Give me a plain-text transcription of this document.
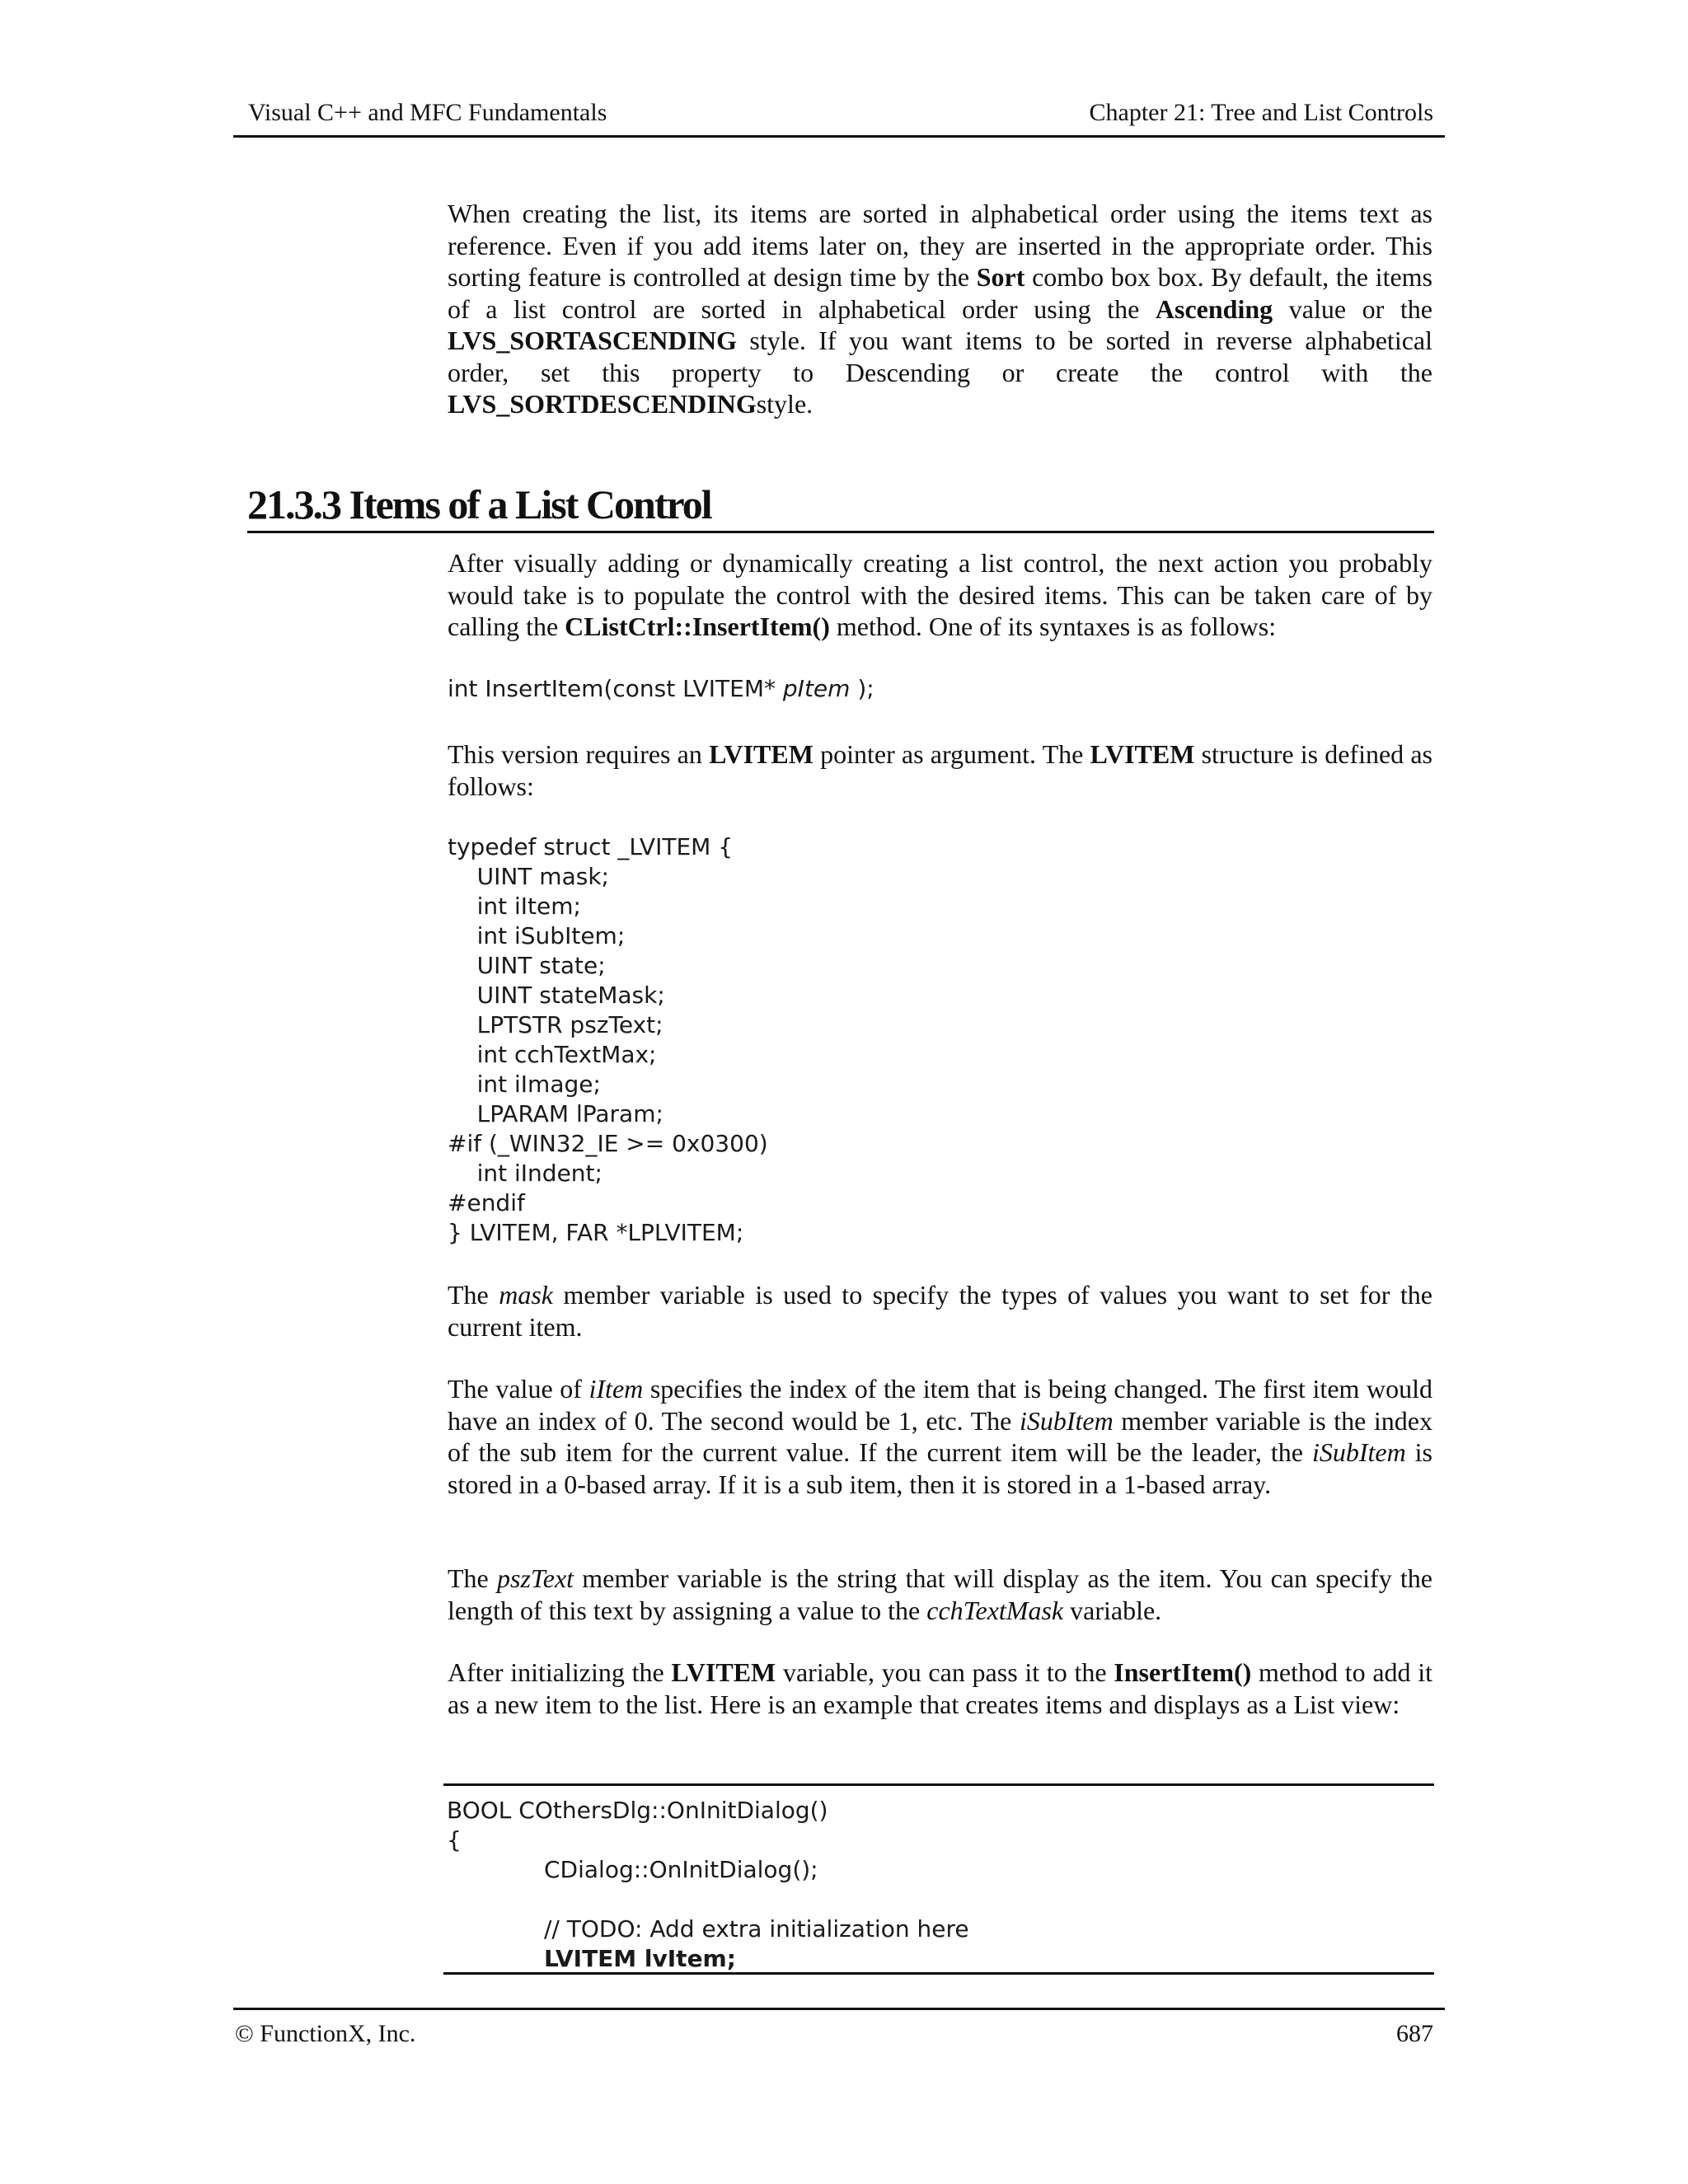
Visual C++ and MFC Fundamentals	Chapter 21: Tree and List Controls

When creating the list, its items are sorted in alphabetical order using the items text as reference. Even if you add items later on, they are inserted in the appropriate order. This sorting feature is controlled at design time by the Sort combo box box. By default, the items of a list control are sorted in alphabetical order using the Ascending value or the LVS_SORTASCENDING style. If you want items to be sorted in reverse alphabetical order, set this property to Descending or create the control with the LVS_SORTDESCENDINGstyle.

21.3.3 Items of a List Control

After visually adding or dynamically creating a list control, the next action you probably would take is to populate the control with the desired items. This can be taken care of by calling the CListCtrl::InsertItem() method. One of its syntaxes is as follows:

int InsertItem(const LVITEM* pItem );

This version requires an LVITEM pointer as argument. The LVITEM structure is defined as follows:

typedef struct _LVITEM {
UINT mask;
int iItem;
int iSubItem;
UINT state;
UINT stateMask;
LPTSTR pszText;
int cchTextMax;
int iImage;
LPARAM lParam;
#if (_WIN32_IE >= 0x0300)
int iIndent;
#endif
} LVITEM, FAR *LPLVITEM;

The mask member variable is used to specify the types of values you want to set for the current item.

The value of iItem specifies the index of the item that is being changed. The first item would have an index of 0. The second would be 1, etc. The iSubItem member variable is the index of the sub item for the current value. If the current item will be the leader, the iSubItem is stored in a 0-based array. If it is a sub item, then it is stored in a 1-based array.

The pszText member variable is the string that will display as the item. You can specify the length of this text by assigning a value to the cchTextMask variable.

After initializing the LVITEM variable, you can pass it to the InsertItem() method to add it as a new item to the list. Here is an example that creates items and displays as a List view:

BOOL COthersDlg::OnInitDialog()
{
CDialog::OnInitDialog();
// TODO: Add extra initialization here
LVITEM lvItem;
© FunctionX, Inc.	687
